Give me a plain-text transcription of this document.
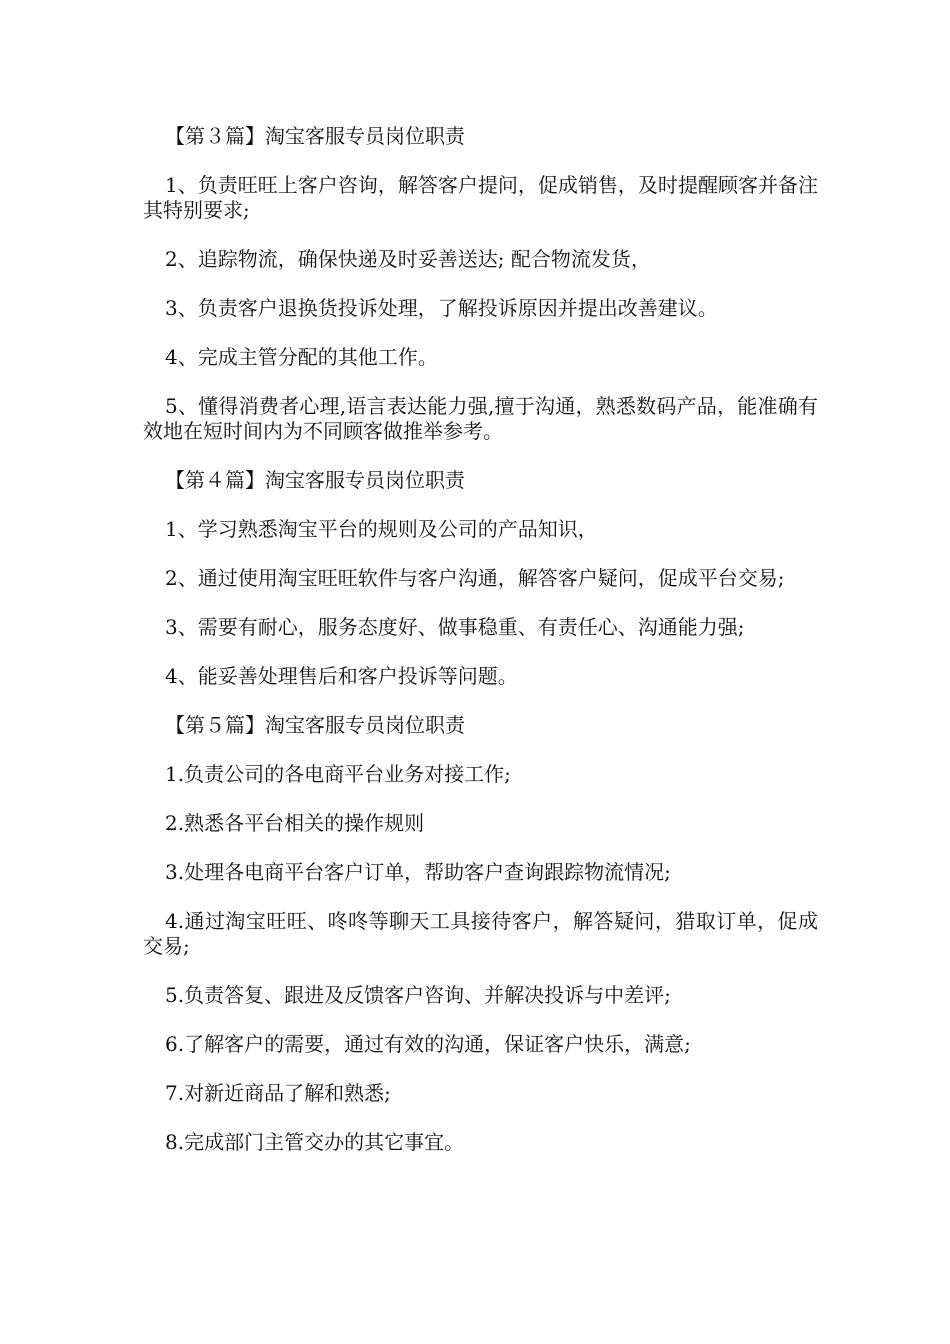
【第３篇】淘宝客服专员岗位职责

1、负责旺旺上客户咨询，解答客户提问，促成销售，及时提醒顾客并备注其特别要求;

2、追踪物流，确保快递及时妥善送达; 配合物流发货，

3、负责客户退换货投诉处理，了解投诉原因并提出改善建议。

4、完成主管分配的其他工作。

5、懂得消费者心理,语言表达能力强,擅于沟通，熟悉数码产品，能准确有效地在短时间内为不同顾客做推举参考。

【第４篇】淘宝客服专员岗位职责

1、学习熟悉淘宝平台的规则及公司的产品知识，

2、通过使用淘宝旺旺软件与客户沟通，解答客户疑问，促成平台交易;

3、需要有耐心，服务态度好、做事稳重、有责任心、沟通能力强;

4、能妥善处理售后和客户投诉等问题。

【第５篇】淘宝客服专员岗位职责

1.负责公司的各电商平台业务对接工作;

2.熟悉各平台相关的操作规则

3.处理各电商平台客户订单，帮助客户查询跟踪物流情况;

4.通过淘宝旺旺、咚咚等聊天工具接待客户，解答疑问，猎取订单，促成交易;

5.负责答复、跟进及反馈客户咨询、并解决投诉与中差评;

6.了解客户的需要，通过有效的沟通，保证客户快乐，满意;

7.对新近商品了解和熟悉;

8.完成部门主管交办的其它事宜。
